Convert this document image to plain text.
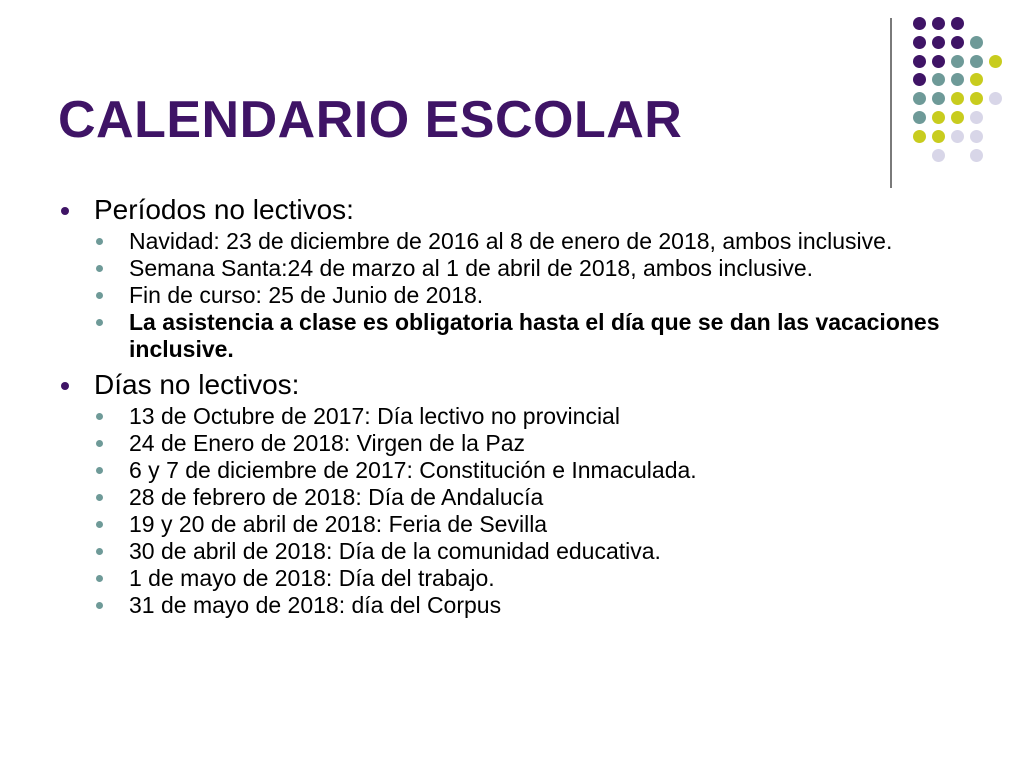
CALENDARIO ESCOLAR
Períodos no lectivos:
Navidad: 23 de diciembre de 2016 al 8 de enero de 2018, ambos inclusive.
Semana Santa:24 de marzo al 1 de abril de 2018, ambos inclusive.
Fin de curso: 25 de Junio de 2018.
La asistencia a clase es obligatoria hasta el día que se dan las vacaciones inclusive.
Días no lectivos:
13 de Octubre de 2017: Día lectivo no provincial
24 de Enero de 2018: Virgen de la Paz
6 y 7 de diciembre de 2017: Constitución e Inmaculada.
28 de febrero de 2018: Día de Andalucía
19 y 20 de abril de 2018: Feria de Sevilla
30 de abril de 2018: Día de la comunidad educativa.
1 de mayo de 2018: Día del trabajo.
31 de mayo de 2018: día del Corpus
